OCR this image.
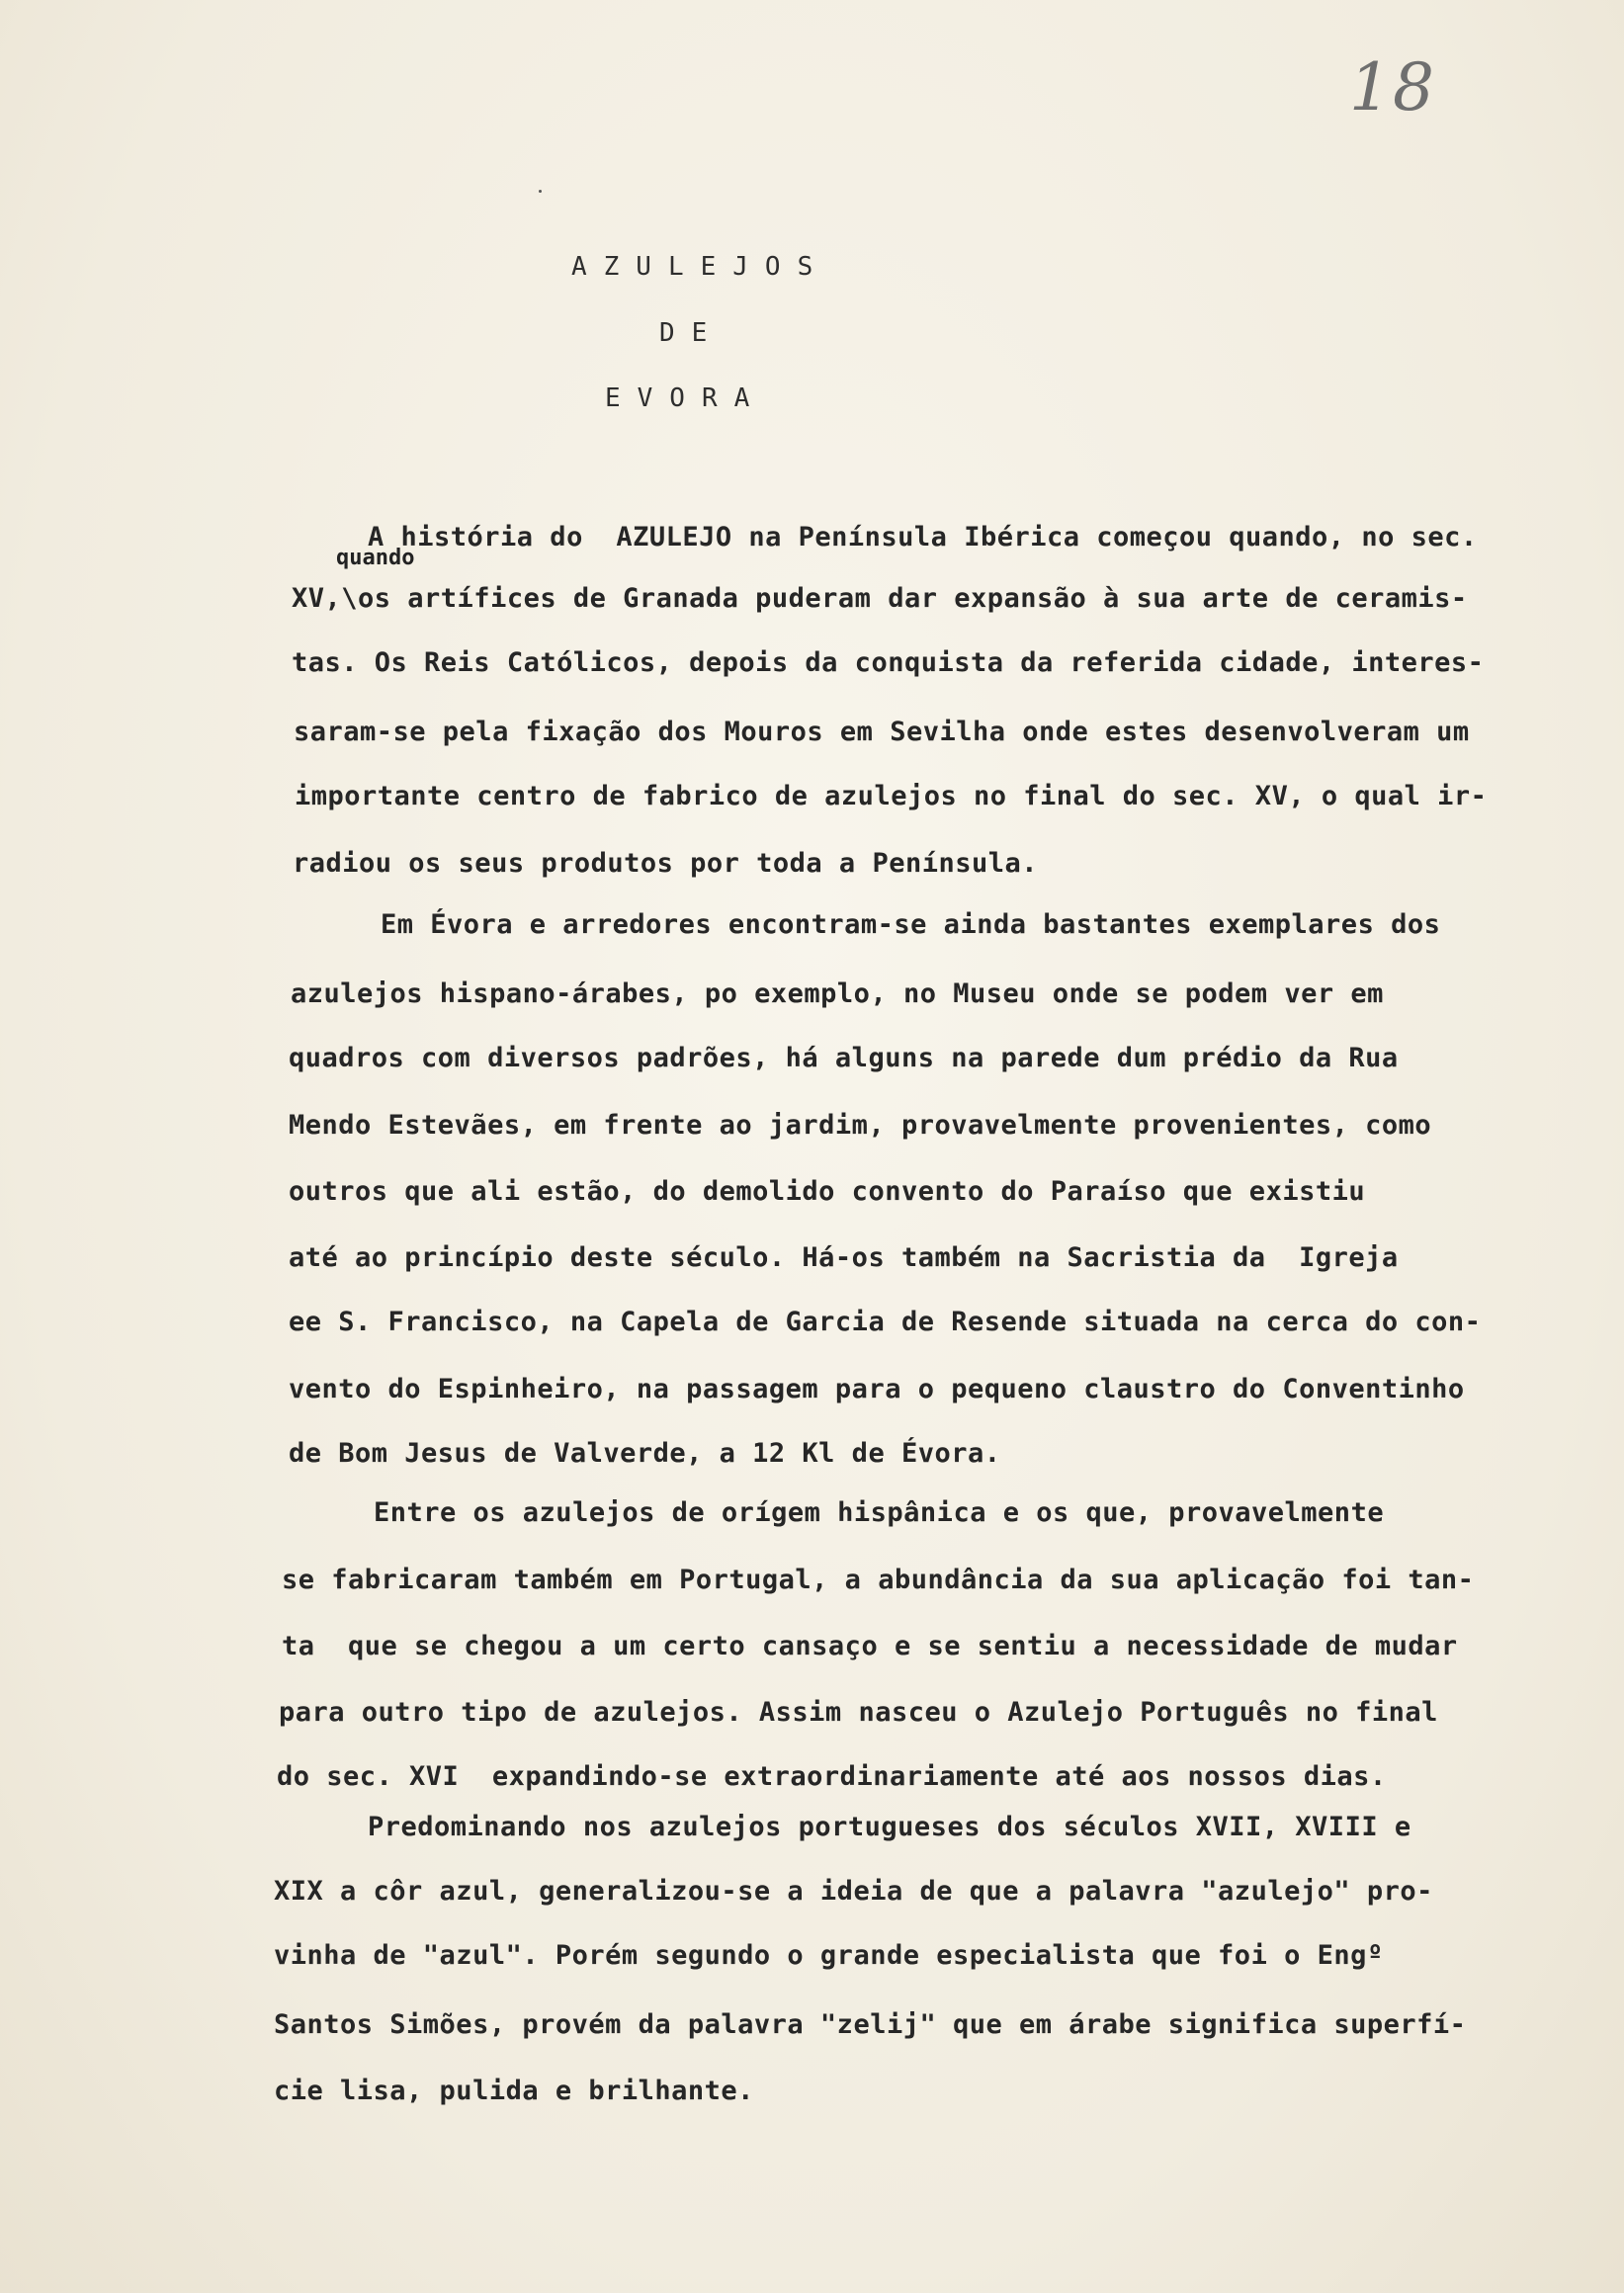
18
AZULEJOS
DE
EVORA
quando
A história do  AZULEJO na Península Ibérica começou quando, no sec.
XV,\os artífices de Granada puderam dar expansão à sua arte de ceramis-
tas. Os Reis Católicos, depois da conquista da referida cidade, interes-
saram-se pela fixação dos Mouros em Sevilha onde estes desenvolveram um
importante centro de fabrico de azulejos no final do sec. XV, o qual ir-
radiou os seus produtos por toda a Península.
Em Évora e arredores encontram-se ainda bastantes exemplares dos
azulejos hispano-árabes, po exemplo, no Museu onde se podem ver em
quadros com diversos padrões, há alguns na parede dum prédio da Rua
Mendo Estevães, em frente ao jardim, provavelmente provenientes, como
outros que ali estão, do demolido convento do Paraíso que existiu
até ao princípio deste século. Há-os também na Sacristia da  Igreja
ee S. Francisco, na Capela de Garcia de Resende situada na cerca do con-
vento do Espinheiro, na passagem para o pequeno claustro do Conventinho
de Bom Jesus de Valverde, a 12 Kl de Évora.
Entre os azulejos de orígem hispânica e os que, provavelmente
se fabricaram também em Portugal, a abundância da sua aplicação foi tan-
ta  que se chegou a um certo cansaço e se sentiu a necessidade de mudar
para outro tipo de azulejos. Assim nasceu o Azulejo Português no final
do sec. XVI  expandindo-se extraordinariamente até aos nossos dias.
Predominando nos azulejos portugueses dos séculos XVII, XVIII e
XIX a côr azul, generalizou-se a ideia de que a palavra "azulejo" pro-
vinha de "azul". Porém segundo o grande especialista que foi o Engº
Santos Simões, provém da palavra "zelij" que em árabe significa superfí-
cie lisa, pulida e brilhante.
